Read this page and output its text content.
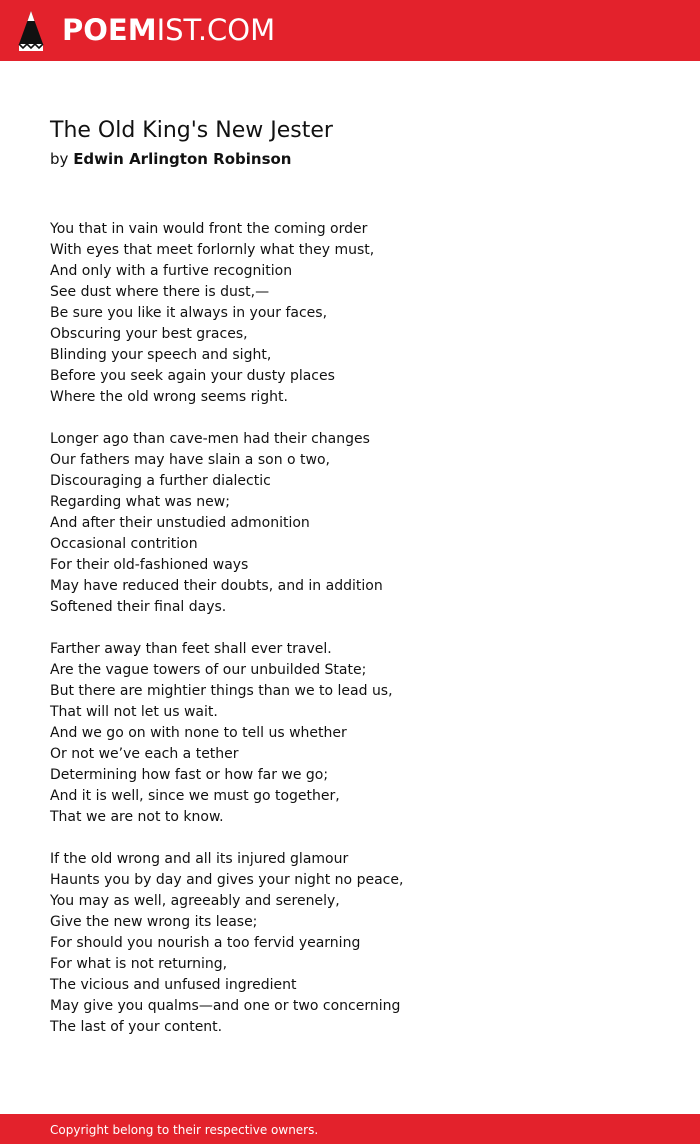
POEMIST.COM
The Old King's New Jester
by Edwin Arlington Robinson
You that in vain would front the coming order
With eyes that meet forlornly what they must,
And only with a furtive recognition
See dust where there is dust,—
Be sure you like it always in your faces,
Obscuring your best graces,
Blinding your speech and sight,
Before you seek again your dusty places
Where the old wrong seems right.
Longer ago than cave-men had their changes
Our fathers may have slain a son o two,
Discouraging a further dialectic
Regarding what was new;
And after their unstudied admonition
Occasional contrition
For their old-fashioned ways
May have reduced their doubts, and in addition
Softened their final days.
Farther away than feet shall ever travel.
Are the vague towers of our unbuilded State;
But there are mightier things than we to lead us,
That will not let us wait.
And we go on with none to tell us whether
Or not we’ve each a tether
Determining how fast or how far we go;
And it is well, since we must go together,
That we are not to know.
If the old wrong and all its injured glamour
Haunts you by day and gives your night no peace,
You may as well, agreeably and serenely,
Give the new wrong its lease;
For should you nourish a too fervid yearning
For what is not returning,
The vicious and unfused ingredient
May give you qualms—and one or two concerning
The last of your content.
Copyright belong to their respective owners.
